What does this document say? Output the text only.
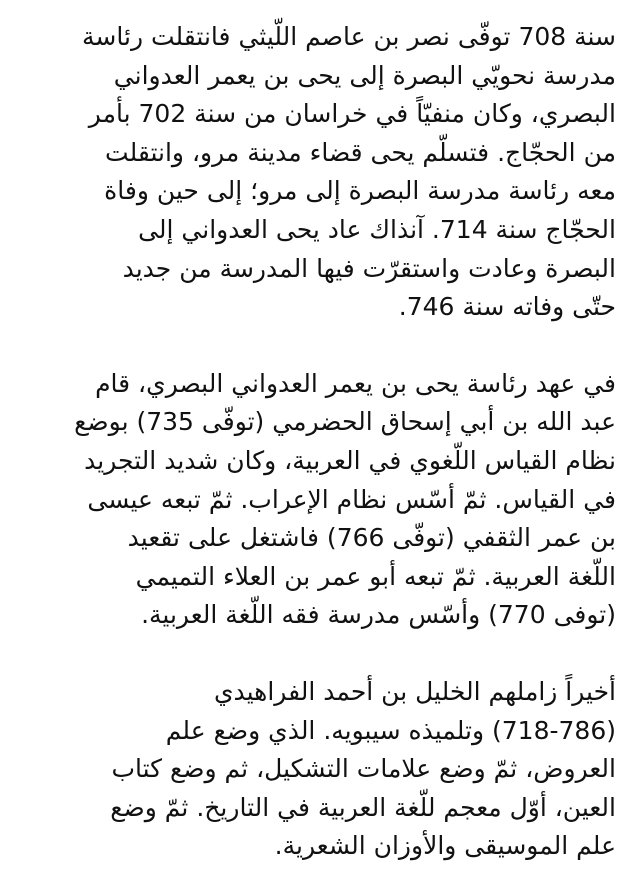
سنة 708 توفّى نصر بن عاصم اللّيثي فانتقلت رئاسة
مدرسة نحويّي البصرة إلى يحى بن يعمر العدواني
البصري، وكان منفيّاً في خراسان من سنة 702 بأمر
من الحجّاج. فتسلّم يحى قضاء مدينة مرو، وانتقلت
معه رئاسة مدرسة البصرة إلى مرو؛ إلى حين وفاة
الحجّاج سنة 714. آنذاك عاد يحى العدواني إلى
البصرة وعادت واستقرّت فيها المدرسة من جديد
حتّى وفاته سنة 746.

في عهد رئاسة يحى بن يعمر العدواني البصري، قام
عبد الله بن أبي إسحاق الحضرمي (توفّى 735) بوضع
نظام القياس اللّغوي في العربية، وكان شديد التجريد
في القياس. ثمّ أسّس نظام الإعراب. ثمّ تبعه عيسى
بن عمر الثقفي (توفّى 766) فاشتغل على تقعيد
اللّغة العربية. ثمّ تبعه أبو عمر بن العلاء التميمي
(توفى 770) وأسّس مدرسة فقه اللّغة العربية.

أخيراً زاملهم الخليل بن أحمد الفراهيدي
(718-786) وتلميذه سيبويه. الذي وضع علم
العروض، ثمّ وضع علامات التشكيل، ثم وضع كتاب
العين، أوّل معجم للّغة العربية في التاريخ. ثمّ وضع
علم الموسيقى والأوزان الشعرية.
